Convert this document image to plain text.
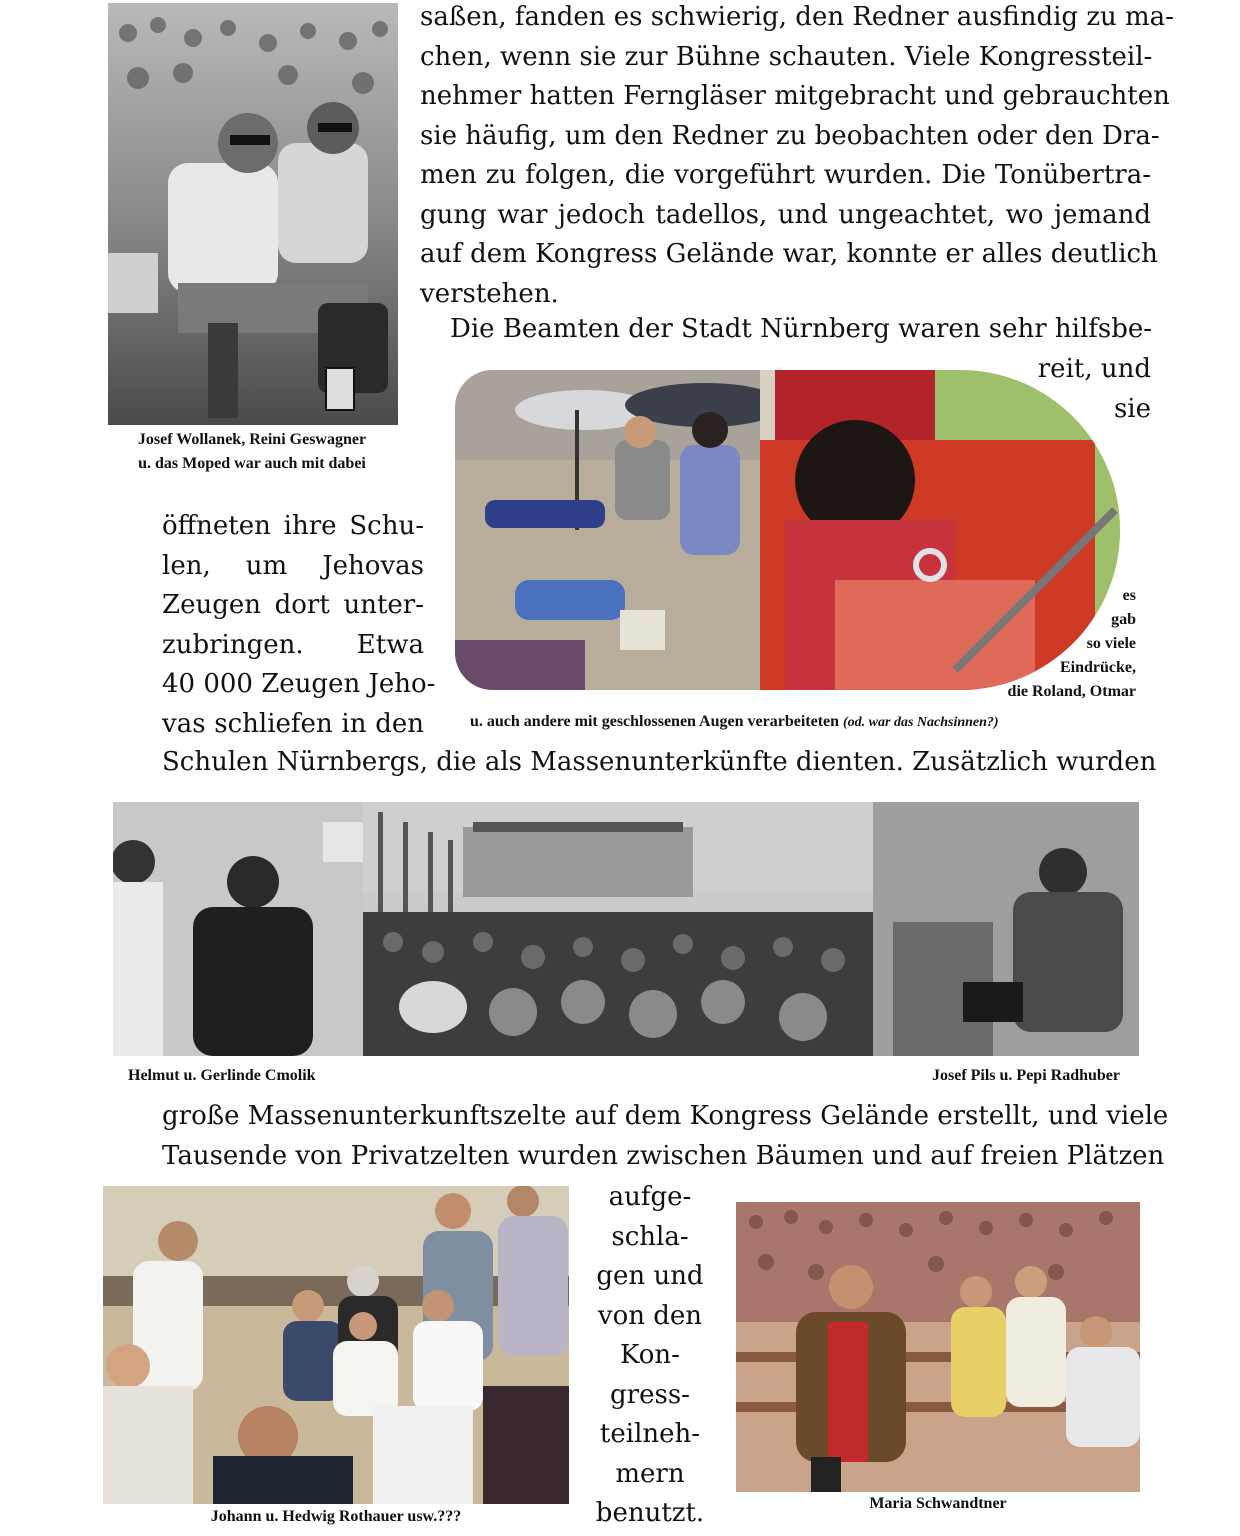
saßen, fanden es schwierig, den Redner ausfindig zu ma-
chen, wenn sie zur Bühne schauten. Viele Kongressteil-
nehmer hatten Ferngläser mitgebracht und gebrauchten
sie häufig, um den Redner zu beobachten oder den Dra-
men zu folgen, die vorgeführt wurden. Die Tonübertra-
gung war jedoch tadellos, und ungeachtet, wo jemand
auf dem Kongress Gelände war, konnte er alles deutlich
verstehen.
Die Beamten der Stadt Nürnberg waren sehr hilfsbe-
reit, und
sie
Josef Wollanek, Reini Geswagner
u. das Moped war auch mit dabei
es
gab
so viele
Eindrücke,
die Roland, Otmar
u. auch andere mit geschlossenen Augen verarbeiteten (od. war das Nachsinnen?)
öffneten ihre Schu-
len, um Jehovas
Zeugen dort unter-
zubringen. Etwa
40 000 Zeugen Jeho-
vas schliefen in den
Schulen Nürnbergs, die als Massenunterkünfte dienten. Zusätzlich wurden
Helmut u. Gerlinde Cmolik	Josef Pils u. Pepi Radhuber
große Massenunterkunftszelte auf dem Kongress Gelände erstellt, und viele
Tausende von Privatzelten wurden zwischen Bäumen und auf freien Plätzen
aufge-
schla-
gen und
von den
Kon-
gress-
teilneh-
mern
benutzt.
Johann u. Hedwig Rothauer usw.???
Maria Schwandtner
